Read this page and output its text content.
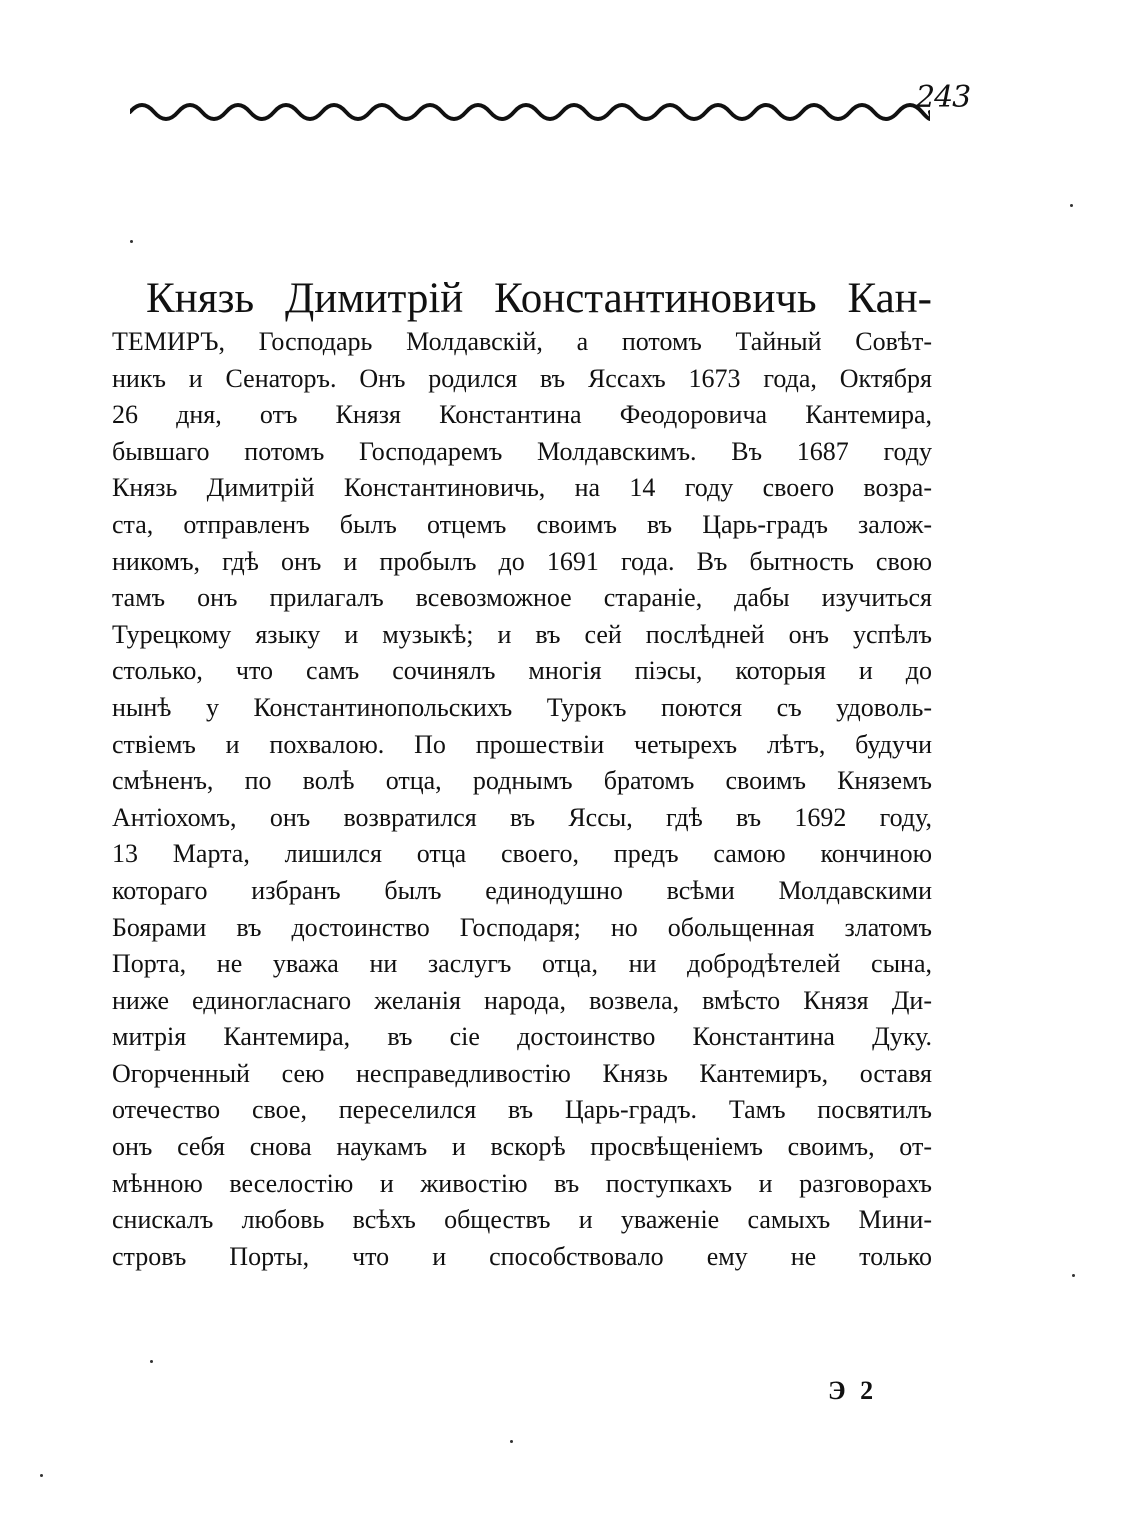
243
Князь Димитрій Константиновичь Кан-
ТЕМИРЪ, Господарь Молдавскій, а потомъ Тайный Совѣт-
никъ и Сенаторъ. Онъ родился въ Яссахъ 1673 года, Октября
26 дня, отъ Князя Константина Феодоровича Кантемира,
бывшаго потомъ Господаремъ Молдавскимъ. Въ 1687 году
Князь Димитрій Константиновичь, на 14 году своего возра-
ста, отправленъ былъ отцемъ своимъ въ Царь-градъ залож-
никомъ, гдѣ онъ и пробылъ до 1691 года. Въ бытность свою
тамъ онъ прилагалъ всевозможное стараніе, дабы изучиться
Турецкому языку и музыкѣ; и въ сей послѣдней онъ успѣлъ
столько, что самъ сочинялъ многія піэсы, которыя и до
нынѣ у Константинопольскихъ Турокъ поются съ удоволь-
ствіемъ и похвалою. По прошествіи четырехъ лѣтъ, будучи
смѣненъ, по волѣ отца, роднымъ братомъ своимъ Княземъ
Антіохомъ, онъ возвратился въ Яссы, гдѣ въ 1692 году,
13 Марта, лишился отца своего, предъ самою кончиною
котораго избранъ былъ единодушно всѣми Молдавскими
Боярами въ достоинство Господаря; но обольщенная златомъ
Порта, не уважа ни заслугъ отца, ни добродѣтелей сына,
ниже единогласнаго желанія народа, возвела, вмѣсто Князя Ди-
митрія Кантемира, въ сіе достоинство Константина Дуку.
Огорченный сею несправедливостію Князь Кантемиръ, оставя
отечество свое, переселился въ Царь-градъ. Тамъ посвятилъ
онъ себя снова наукамъ и вскорѣ просвѣщеніемъ своимъ, от-
мѣнною веселостію и живостію въ поступкахъ и разговорахъ
снискалъ любовь всѣхъ обществъ и уваженіе самыхъ Мини-
стровъ Порты, что и способствовало ему не только
Э 2
